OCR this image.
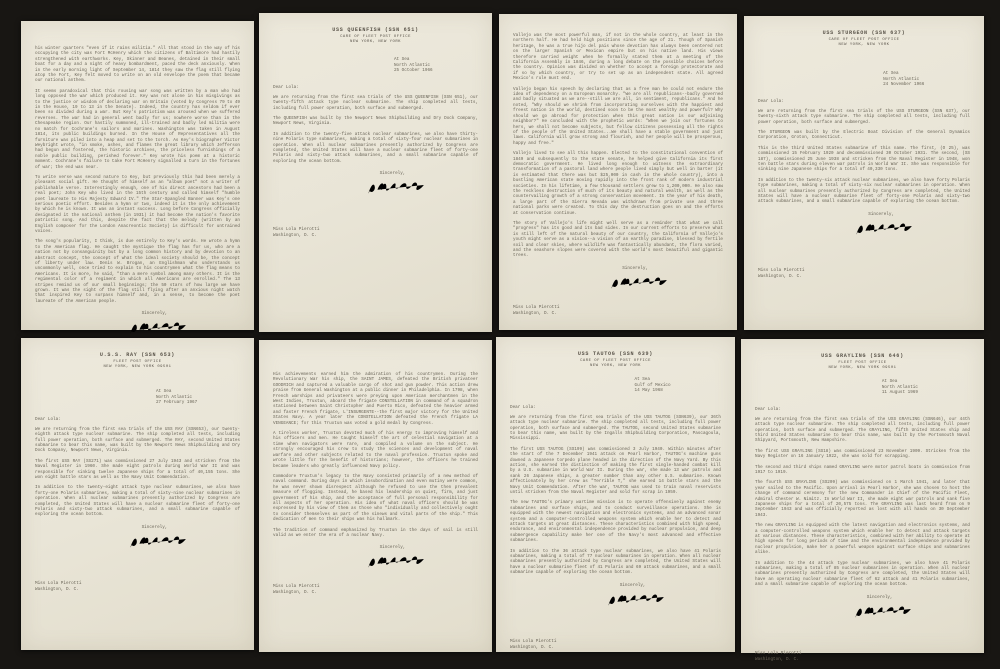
his winter quarters "even if it rains militia." All that stood in the way of his occupying the city was Fort McHenry which the citizens of Baltimore had hastily strengthened with earthworks. Key, Skinner and Beanes, detained in their small boat for a day and a night of heavy bombardment, paced the deck anxiously. When in the early morning light of September 14, 1814 they saw the flag still flying atop the Fort, Key felt moved to write on an old envelope the poem that became our national anthem.

It seems paradoxical that this rousing war song was written by a man who had long opposed the war which produced it. Key was not alone in his misgivings as to the justice or wisdom of declaring war on Britain (voted by Congress 79 to 49 in the House, 19 to 13 in the Senate). Indeed, the country has seldom if ever been so divided during a war. But Key's patriotism was aroused when we suffered reverses. The war had in general went badly for us; nowhere worse than in the Chesapeake region. Our hastily summoned, ill-trained and badly led militia were no match for Cochrane's sailors and marines. Washington was taken in August 1814, its public buildings burned. In the House of Representatives all the furniture was piled into a heap and set to the torch. As Key's biographer Victor Weybright wrote, "in smoke, ashes, and flames the great library which Jefferson had begun and fostered, the historic archives, the priceless furnishings of a noble public building, perished forever." Key wrote his poem at a historic moment. Cochrane's failure to take Fort McHenry signalled a turn in the fortunes of war; the end was near.

To write verse was second nature to Key, but previously this had been merely a pleasant social gift. He thought of himself as an "album poet" not a writer of publishable verse. Interestingly enough, one of his direct ancestors had been a real poet; John Key who lived in the 15th century and called himself "humble poet laureate to His Majesty Edward IV." The Star-Spangled Banner was Key's one serious poetic effort. Besides a hymn or two, indeed it is the only achievement by which he is known. It was an instant success. Long before Congress officially designated it the national anthem (in 1931) it had become the nation's favorite patriotic song. And this, despite the fact that the melody (written by an English composer for the London Anacreontic Society) is difficult for untrained voices.

The song's popularity, I think, is due entirely to Key's words. He wrote a hymn to the American flag. He caught the mystique the flag has for us, who are a nation not by consanguinity but by a long common history and by devotion to an abstract concept, the concept of what the ideal society should be, the concept of liberty under law. Denis W. Brogan, an Englishman who understands us uncommonly well, once tried to explain to his countrymen what the flag means to Americans. It is more, he said, "than a mere symbol among many others. It is the regimental color of a regiment in which all Americans are enrolled." The 13 stripes remind us of our small beginnings; the 50 stars of how large we have grown. It was the sight of the flag still flying after an anxious night watch that inspired Key to surpass himself and, in a sense, to become the poet laureate of the American people.

Sincerely,

USS QUEENFISH (SSN 651)
CARE OF FLEET POST OFFICE
NEW YORK, NEW YORK
At Sea
North Atlantic
25 October 1966

Dear Lola:

We are returning from the first sea trials of the USS QUEENFISH (SSN 651), our twenty-fifth attack type nuclear submarine. The ship completed all tests, including full power operation, both surface and submerged.

The QUEENFISH was built by the Newport News Shipbuilding and Dry Dock Company, Newport News, Virginia.

In addition to the twenty-five attack nuclear submarines, we also have thirty-nine Polaris type submarines, making a total of sixty-four nuclear submarines in operation. When all nuclear submarines presently authorized by Congress are completed, the United States will have a nuclear submarine fleet of forty-one Polaris and sixty-two attack submarines, and a small submarine capable of exploring the ocean bottom.

Sincerely,

Miss Lola Pierotti
Washington, D. C.

Vallejo was the most powerful man, if not in the whole country, at least in the northern half. He had held high positions since the age of 21. Though of Spanish heritage, he was a true hijo del pais whose devotion has always been centered not on the larger Spanish or Mexican empire but on his native land. His views therefore carried weight when he formally stated them at a meeting of the California Assembly in 1846, during a long debate on the possible choices before the country. Opinion was divided on whether to accept a foreign protectorate and if so by which country, or try to set up as an independent state. All agreed Mexico's rule must end.

Vallejo began his speech by declaring that as a free man he could not endure the idea of dependency on a European monarchy. "We are all republicans--badly governed and badly situated as we are--still we are all, in sentiment, republicans." And he noted, "Why should we shrink from incorporating ourselves with the happiest and freest nation in the world, destined soon to be the most wealthy and powerful? Why should we go abroad for protection when this great nation is our adjoining neighbor?" He concluded with the prophetic words: "When we join our fortunes to hers, we shall not become subjects, but fellow citizens possessing all the rights of the people of the United States...We shall have a stable government and just laws. California will grow strong and flourish, and her people will be prosperous, happy and free."

Vallejo lived to see all this happen. Elected to the constitutional convention of 1849 and subsequently to the state senate, he helped give California its first democratic government. He lived long enough to witness the extraordinary transformation of a pastoral land where people lived simply but well in barter (it is estimated that there was but $25,000 in cash in the whole country), into a bustling American state moving rapidly into the front rank of modern industrial societies. In his lifetime, a few thousand settlers grew to 1,200,000. He also saw the reckless destruction of much of its beauty and natural wealth, as well as the countervailing growth of a strong conservation movement. In the year of his death, a large part of the Sierra Nevada was withdrawn from private use and three national parks were created. To this day the destruction goes on and the efforts at conservation continue.

The story of Vallejo's life might well serve as a reminder that what we call "progress" has its good and its bad sides. In our current efforts to preserve what is still left of the natural beauty of our country, the California of Vallejo's youth might serve as a vision--a vision of an earthly paradise, blessed by fertile soil and clear skies, where wildlife was fantastically abundant, the flora varied, and the seashore slopes were covered with the world's most beautiful and gigantic trees.

Sincerely,

Miss Lola Pierotti
Washington, D. C.
USS STURGEON (SSN 637)
CARE OF FLEET POST OFFICE
NEW YORK, NEW YORK
At Sea
North Atlantic
24 November 1966

Dear Lola:

We are returning from the first sea trials of the USS STURGEON (SSN 637), our twenty-sixth attack type submarine. The ship completed all tests, including full power operation, both surface and submerged.

The STURGEON was built by the Electric Boat Division of the General Dynamics Corporation, Groton, Connecticut.

This is the third United States submarine of this name. The first, (O 25), was commissioned 15 February 1920 and decommissioned 30 October 1931. The second, (SS 187), commissioned 25 June 1938 and stricken from the Naval Register in 1948, won ten battle stars during eleven war patrols in World War II. She was responsible for sinking nine Japanese ships for a total of 40,330 tons.

In addition to the twenty-six attack nuclear submarines, we also have forty Polaris type submarines, making a total of sixty-six nuclear submarines in operation. When all nuclear submarines presently authorized by Congress are completed, the United States will have a nuclear submarine fleet of forty-one Polaris and sixty-two attack submarines, and a small submarine capable of exploring the ocean bottom.

Sincerely,

Miss Lola Pierotti
Washington, D. C.
U.S.S. RAY (SSN 653)
FLEET POST OFFICE
NEW YORK, NEW YORK 09501
At Sea
North Atlantic
27 February 1967

Dear Lola:

We are returning from the first sea trials of the USS RAY (SSN653), our twenty-eighth attack type nuclear submarine. The ship completed all tests, including full power operation, both surface and submerged. The RAY, second United States submarine to bear this name, was built by the Newport News Shipbuilding and Dry Dock Company, Newport News, Virginia.

The first USS RAY (SS271) was commissioned 27 July 1943 and stricken from the Naval Register in 1960. She made eight patrols during World War II and was responsible for sinking twelve Japanese ships for a total of 40,155 tons. She won eight battle stars as well as the Navy Unit Commendation.

In addition to the twenty-eight attack type nuclear submarines, we also have forty-one Polaris submarines, making a total of sixty-nine nuclear submarines in operation. When all nuclear submarines presently authorized by Congress are completed, the United States will have a nuclear submarine fleet of forty-one Polaris and sixty-two attack submarines, and a small submarine capable of exploring the ocean bottom.

Sincerely,

Miss Lola Pierotti
Washington, D. C.

His achievements earned him the admiration of his countrymen. During the Revolutionary War his ship, the SAINT JAMES, defeated the British privateer GOODRICH and captured a valuable cargo of shot and gun powder. This action drew praise from General Washington at a public dinner in Philadelphia. In 1798, when French warships and privateers were preying upon American merchantmen in the West Indies, Truxtun, aboard the frigate CONSTELLATION in command of a squadron stationed between Saint Christopher and Puerto Rico, defeated the heavier armed and faster French frigate, L'INSURGENTE--the first major victory for the United States Navy. A year later the CONSTELLATION defeated the French frigate LA VENGEANCE; for this Truxtun was voted a gold medal by Congress.

A tireless worker, Truxtun devoted much of his energy to improving himself and his officers and men. He taught himself the art of celestial navigation at a time when navigators were rare, and compiled a volume on the subject. He strongly encouraged his crew to study the sciences and development of naval warfare and other subjects related to the naval profession. Truxtun spoke and wrote little for the benefit of historians; however, the officers he trained became leaders who greatly influenced Navy policy.

Commodore Truxtun's legacy to the Navy consisted primarily of a new method of naval command. During days in which insubordination and even mutiny were common, he was never shown disrespect although he refused to use the then prevalent measure of flogging. Instead, he based his leadership on quiet, firm, and just government of his ship, and the acceptance of full personal responsibility for all aspects of her operation. His idea of what naval officers should be was expressed by his view of them as those who "individually and collectively ought to consider themselves as part of the sinews and vital parts of the ship." This dedication of men to their ships was his hallmark.

The tradition of command emphasized by Truxtun in the days of sail is still valid as we enter the era of a nuclear Navy.

Sincerely,

Miss Lola Pierotti
Washington, D. C.
USS TAUTOG (SSN 639)
CARE OF FLEET POST OFFICE
NEW YORK, NEW YORK
At Sea
Gulf of Mexico
14 May 1968

Dear Lola:

We are returning from the first sea trials of the USS TAUTOG (SSN639), our 36th attack type nuclear submarine. The ship completed all tests, including full power operation, both surface and submerged. The TAUTOG, second United States submarine to bear this name, was built by the Ingalls Shipbuilding Corporation, Pascagoula, Mississippi.

The first USS TAUTOG (SS199) was commissioned 3 July 1940. Within minutes after the start of the 7 December 1941 attack on Pearl Harbor, TAUTOG's machine guns downed a Japanese torpedo plane headed in the direction of the Navy Yard. By this action, she earned the distinction of making the first single-handed combat kill by a U.S. submarine in World War II. During the war, she made 13 war patrols and sank 26 Japanese ships, a greater number than any other U.S. submarine. Known affectionately by her crew as "Terrible T," she earned 14 battle stars and the Navy Unit Commendation. After the war, TAUTOG was used to train naval reservists until stricken from the Naval Register and sold for scrap in 1959.

The new TAUTOG's primary wartime mission is to operate offensively against enemy submarines and surface ships, and to conduct surveillance operations. She is equipped with the newest navigation and electronics systems, and an advanced sonar system and a computer-controlled weapons system which enable her to detect and attack targets at great distances. These characteristics combined with high speed, endurance, and environmental independence provided by nuclear propulsion, and deep submergence capability make her one of the Navy's most advanced and effective submarines.

In addition to the 36 attack type nuclear submarines, we also have 41 Polaris submarines, making a total of 77 nuclear submarines in operation. When all nuclear submarines presently authorized by Congress are completed, the United States will have a nuclear submarine fleet of 41 Polaris and 69 attack submarines, and a small submarine capable of exploring the ocean bottom.

Sincerely,

Miss Lola Pierotti
Washington, D. C.
USS GRAYLING (SSN 646)
FLEET POST OFFICE
NEW YORK, NEW YORK 09501
At Sea
North Atlantic
11 August 1969

Dear Lola:

We are returning from the first sea trials of the USS GRAYLING (SSN646), our 44th attack type nuclear submarine. The ship completed all tests, including full power operation, both surface and submerged. The GRAYLING, fifth United States ship and third United States submarine to bear this name, was built by the Portsmouth Naval Shipyard, Portsmouth, New Hampshire.

The first USS GRAYLING (SS18) was commissioned 23 November 1909. Stricken from the Navy Register on 16 January 1922, she was sold for scrapping.

The second and third ships named GRAYLING were motor patrol boats in commission from 1917 to 1919.

The fourth USS GRAYLING (SS209) was commissioned on 1 March 1941, and later that year sailed to the Pacific. Upon arrival in Pearl Harbor, she was chosen to host the change of command ceremony for the new Commander in Chief of the Pacific Fleet, Admiral Chester W. Nimitz. In World War II, she made eight war patrols and sank five Japanese ships for a total of 20,575 tons. The GRAYLING was last heard from on 9 September 1943 and was officially reported as lost with all hands on 30 September 1943.

The new GRAYLING is equipped with the latest navigation and electronics systems, and a computer-controlled weapons system which enable her to detect and attack targets at various distances. These characteristics, combined with her ability to operate at high speeds for long periods of time and the environmental independence provided by nuclear propulsion, make her a powerful weapon against surface ships and submarines alike.

In addition to the 44 attack type nuclear submarines, we also have 41 Polaris submarines, making a total of 85 nuclear submarines in operation. When all nuclear submarines presently authorized by Congress are completed, the United States will have an operating nuclear submarine fleet of 62 attack and 41 Polaris submarines, and a small submarine capable of exploring the ocean bottom.

Sincerely,

Miss Lola Pierotti
Washington, D. C.
